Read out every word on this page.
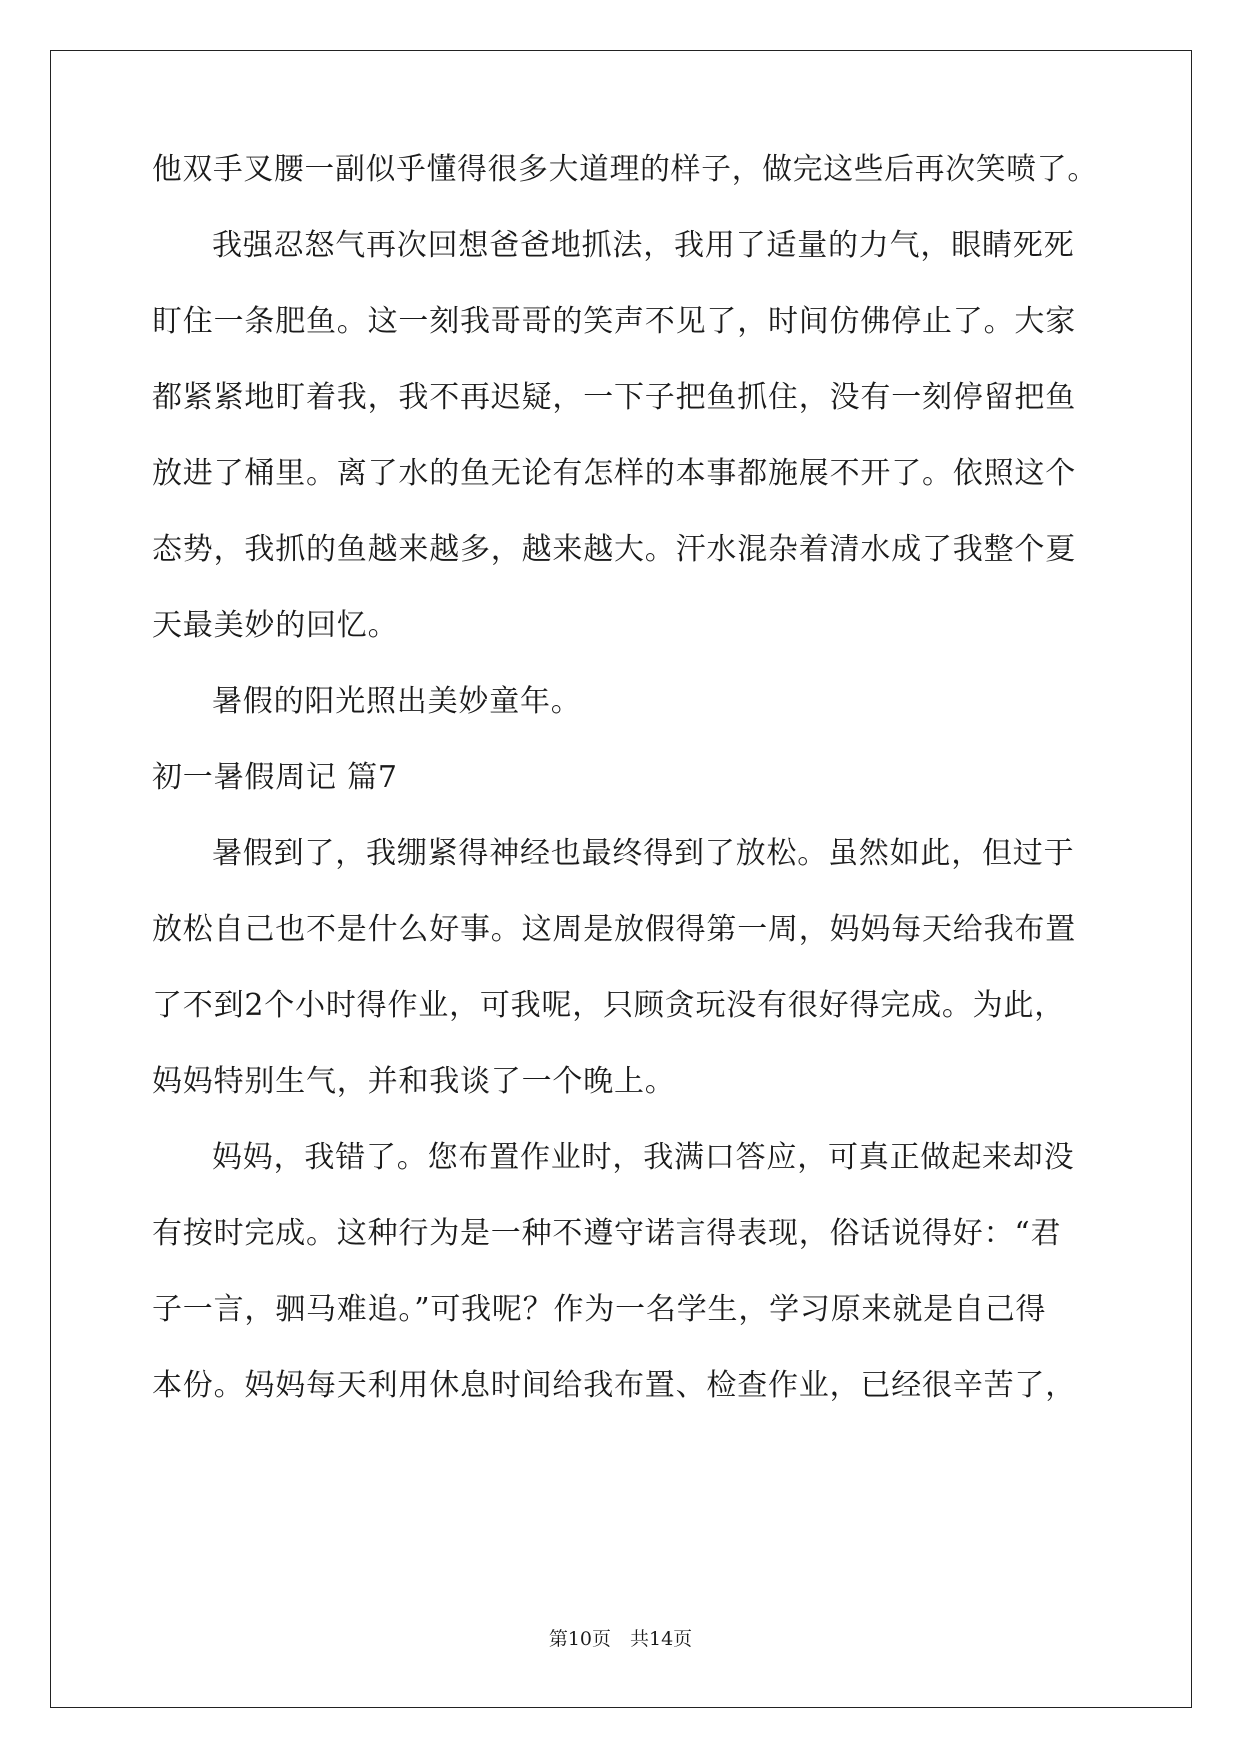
他双手叉腰一副似乎懂得很多大道理的样子，做完这些后再次笑喷了。
我强忍怒气再次回想爸爸地抓法，我用了适量的力气，眼睛死死
盯住一条肥鱼。这一刻我哥哥的笑声不见了，时间仿佛停止了。大家
都紧紧地盯着我，我不再迟疑，一下子把鱼抓住，没有一刻停留把鱼
放进了桶里。离了水的鱼无论有怎样的本事都施展不开了。依照这个
态势，我抓的鱼越来越多，越来越大。汗水混杂着清水成了我整个夏
天最美妙的回忆。
暑假的阳光照出美妙童年。
初一暑假周记 篇7
暑假到了，我绷紧得神经也最终得到了放松。虽然如此，但过于
放松自己也不是什么好事。这周是放假得第一周，妈妈每天给我布置
了不到2个小时得作业，可我呢，只顾贪玩没有很好得完成。为此，
妈妈特别生气，并和我谈了一个晚上。
妈妈，我错了。您布置作业时，我满口答应，可真正做起来却没
有按时完成。这种行为是一种不遵守诺言得表现，俗话说得好：“君
子一言，驷马难追。”可我呢？作为一名学生，学习原来就是自己得
本份。妈妈每天利用休息时间给我布置、检查作业，已经很辛苦了，
第10页　共14页
